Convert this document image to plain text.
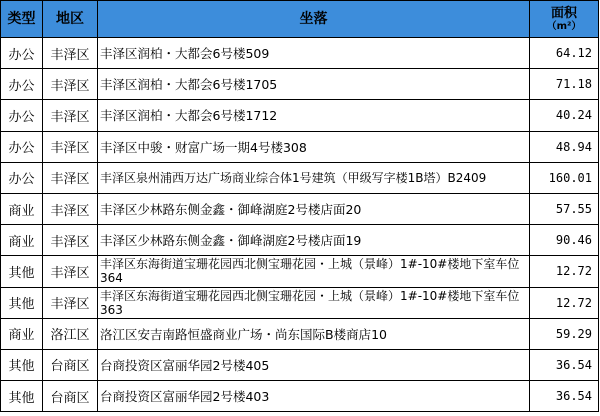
类型	地区	坐落	面积
（m²）

办公	丰泽区	丰泽区润柏・大都会6号楼509	64.12
办公	丰泽区	丰泽区润柏・大都会6号楼1705	71.18
办公	丰泽区	丰泽区润柏・大都会6号楼1712	40.24
办公	丰泽区	丰泽区中骏・财富广场一期4号楼308	48.94
办公	丰泽区	丰泽区泉州浦西万达广场商业综合体1号建筑（甲级写字楼1B塔）B2409	160.01
商业	丰泽区	丰泽区少林路东侧金鑫・御峰湖庭2号楼店面20	57.55
商业	丰泽区	丰泽区少林路东侧金鑫・御峰湖庭2号楼店面19	90.46
其他	丰泽区	丰泽区东海街道宝珊花园西北侧宝珊花园・上城（景峰）1#-10#楼地下室车位364	12.72
其他	丰泽区	丰泽区东海街道宝珊花园西北侧宝珊花园・上城（景峰）1#-10#楼地下室车位363	12.72
商业	洛江区	洛江区安吉南路恒盛商业广场・尚东国际B楼商店10	59.29
其他	台商区	台商投资区富丽华园2号楼405	36.54
其他	台商区	台商投资区富丽华园2号楼403	36.54
